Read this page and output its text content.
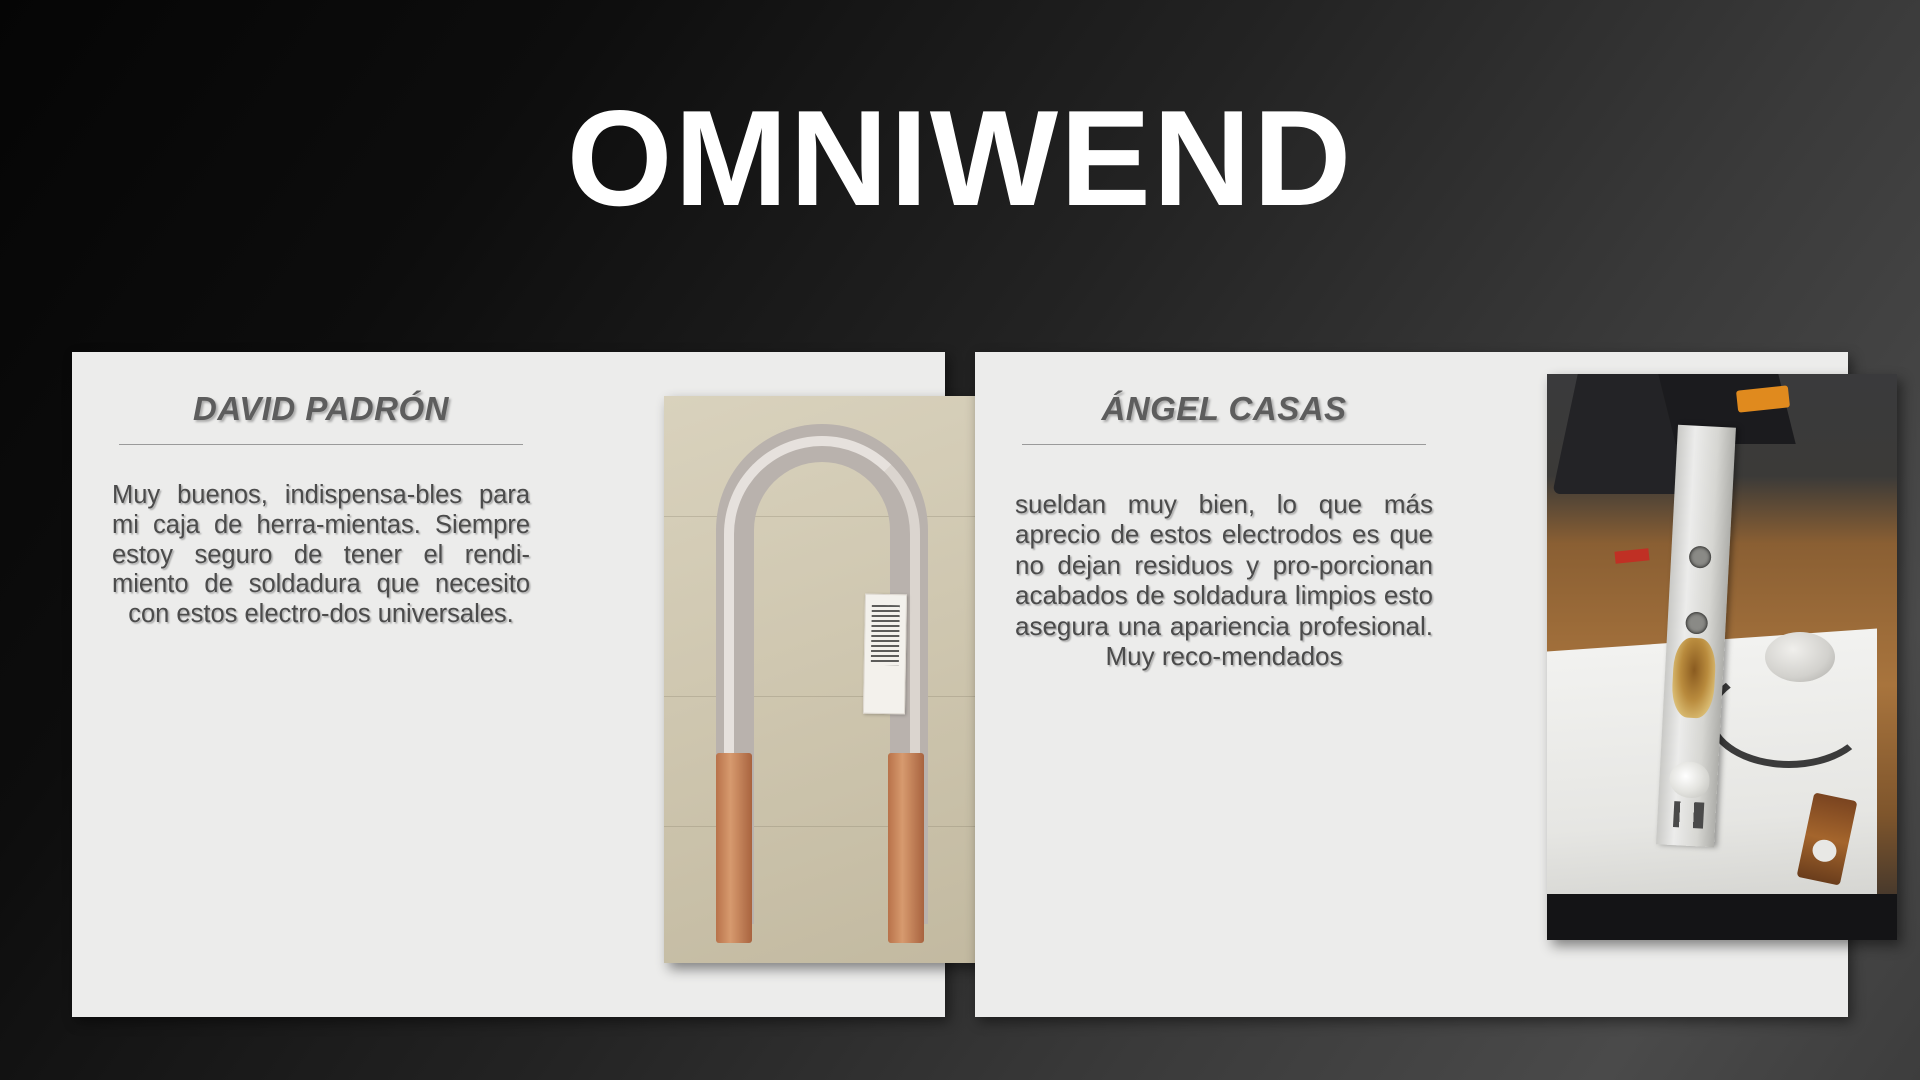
OMNIWEND
DAVID PADRÓN
Muy buenos, indispensa-bles para mi caja de herra-mientas. Siempre estoy seguro de tener el rendi-miento de soldadura que necesito con estos electro-dos universales.
ÁNGEL CASAS
sueldan muy bien, lo que más aprecio de estos electrodos es que no dejan residuos y pro-porcionan acabados de soldadura limpios esto asegura una apariencia profesional. Muy reco-mendados
